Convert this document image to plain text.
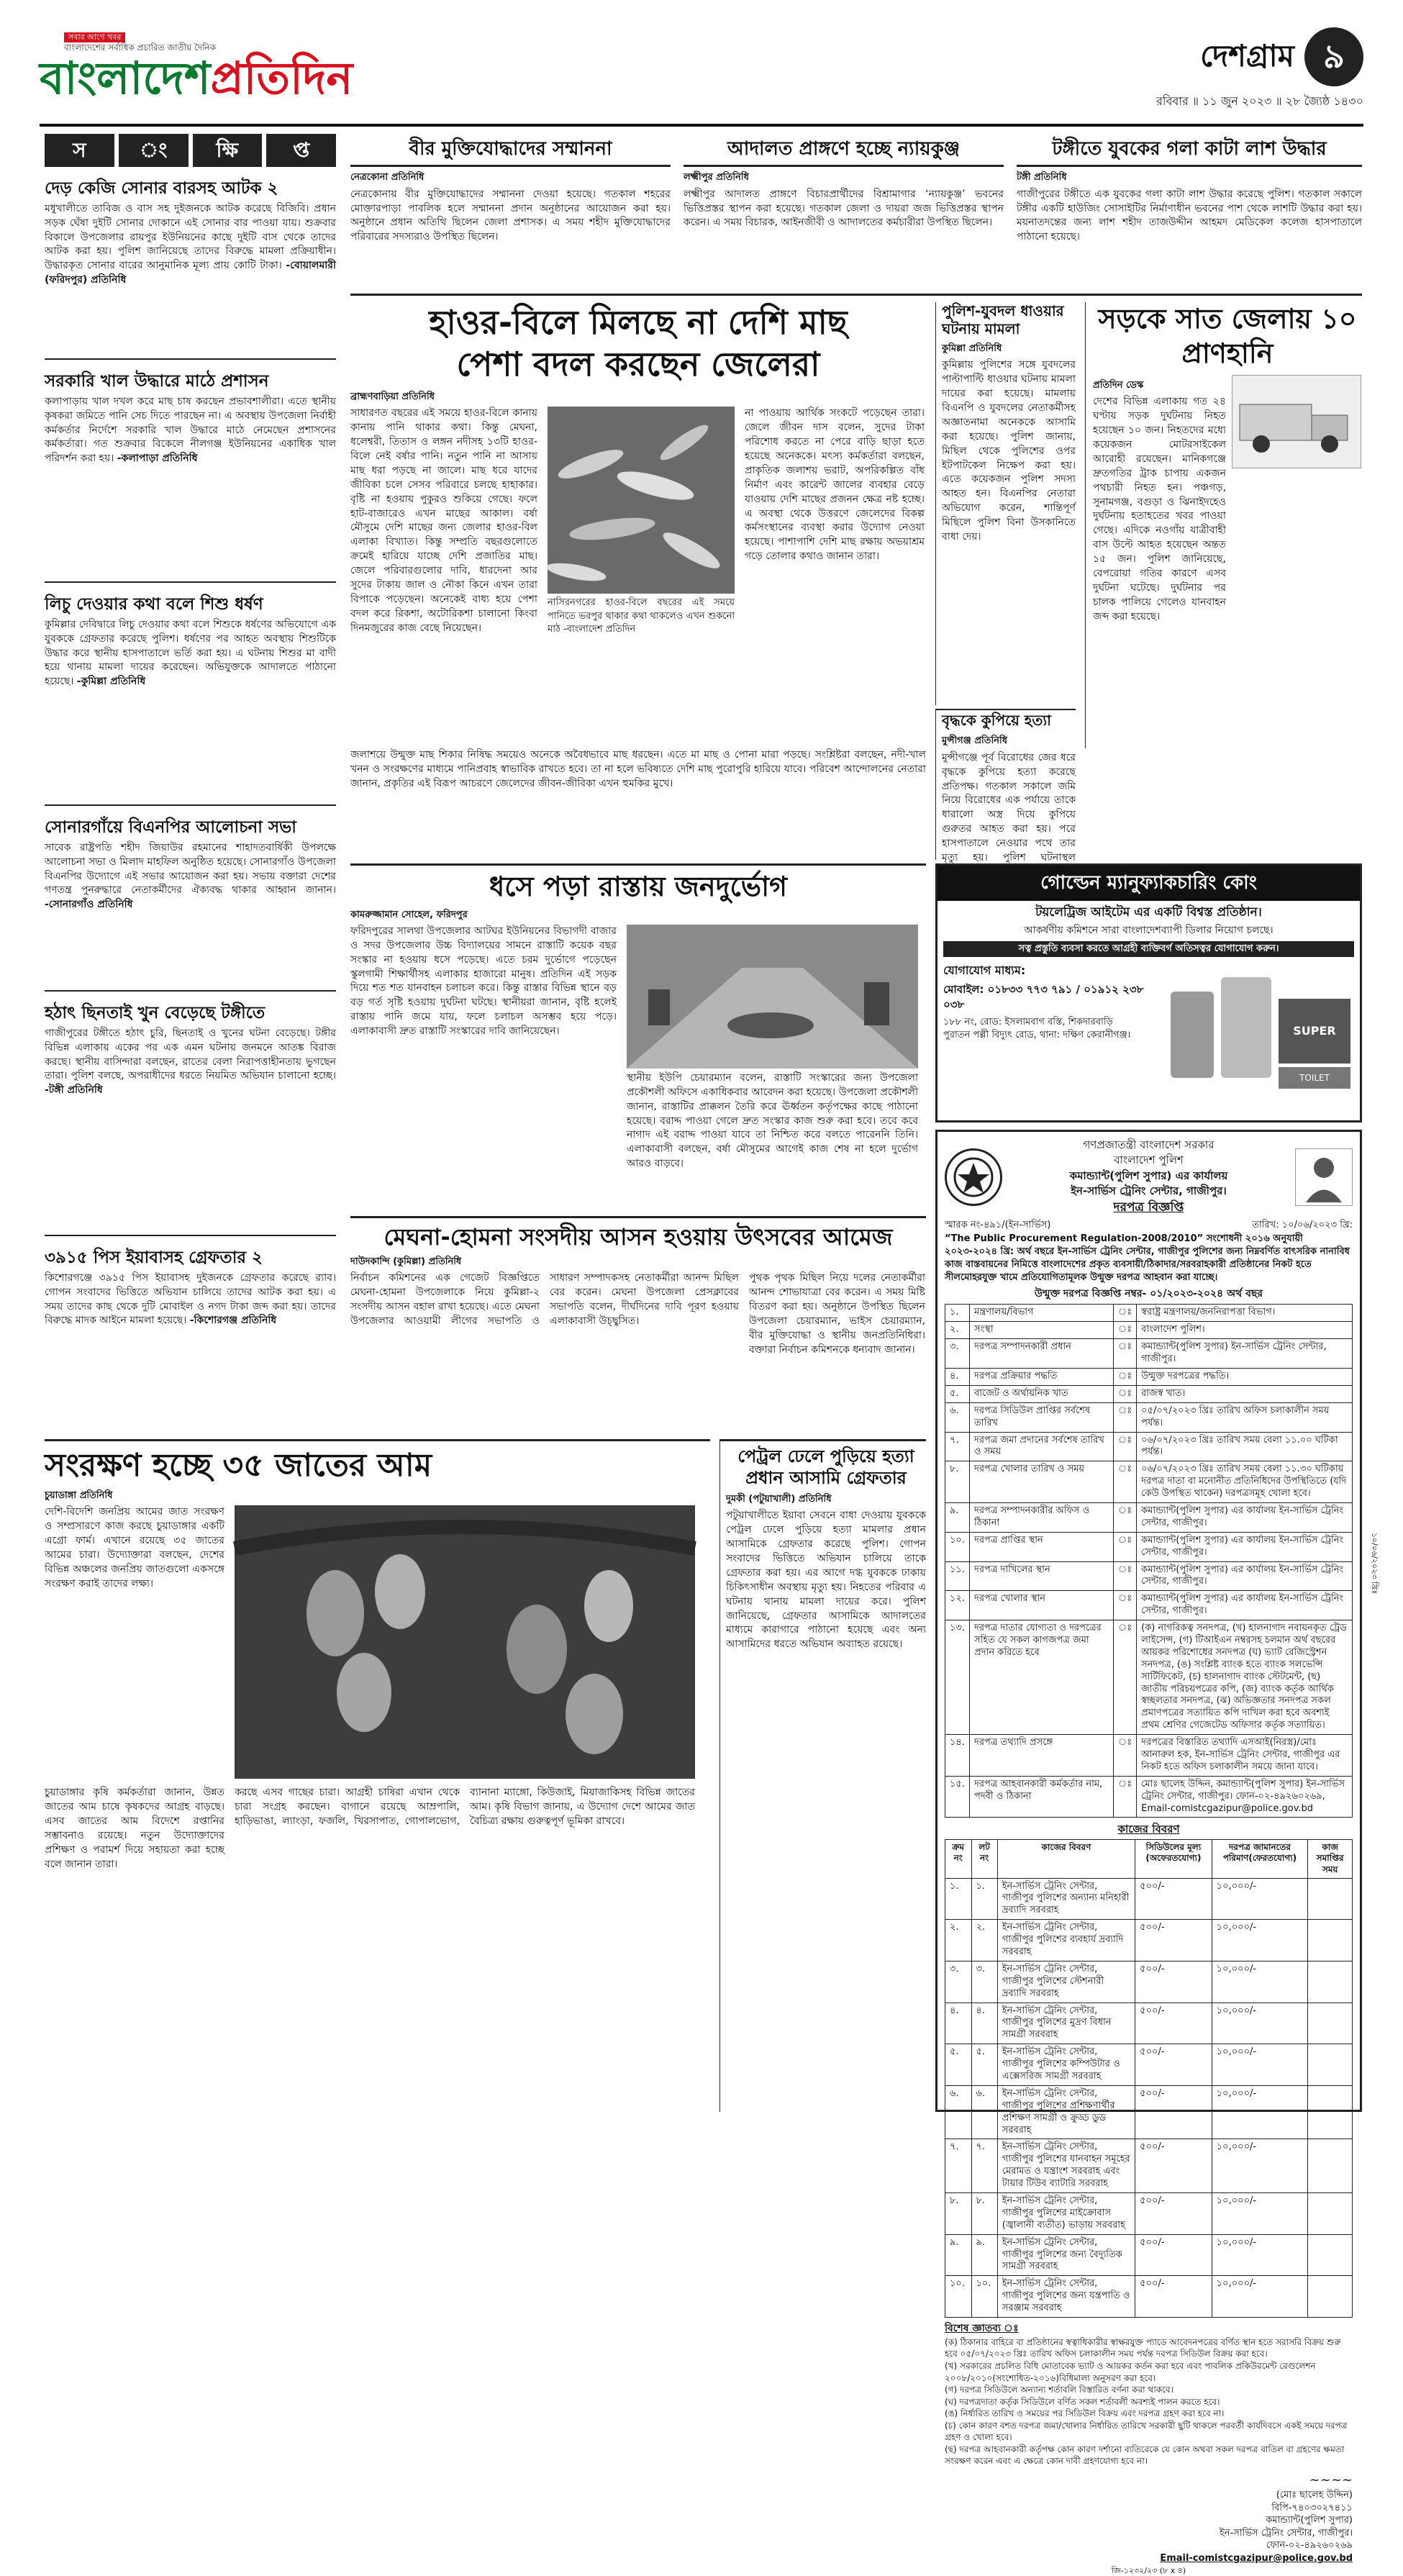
সবার আগে খবর
বাংলাদেশের সর্বাধিক প্রচারিত জাতীয় দৈনিক
বাংলাদেশপ্রতিদিন	দেশগ্রাম ৯
রবিবার ॥ ১১ জুন ২০২৩ ॥ ২৮ জ্যৈষ্ঠ ১৪৩০
স	ং	ক্ষি	প্ত
দেড় কেজি সোনার বারসহ আটক ২

মধুখালীতে তাবিজ ও বাস সহ দুইজনকে আটক করেছে বিজিবি। প্রধান সড়ক ঘেঁষা দুইটি সোনার দোকানে এই সোনার বার পাওয়া যায়। শুক্রবার বিকালে উপজেলার রায়পুর ইউনিয়নের কাছে দুইটি বাস থেকে তাদের আটক করা হয়। পুলিশ জানিয়েছে তাদের বিরুদ্ধে মামলা প্রক্রিয়াধীন। উদ্ধারকৃত সোনার বারের আনুমানিক মূল্য প্রায় কোটি টাকা। -বোয়ালমারী (ফরিদপুর) প্রতিনিধি

সরকারি খাল উদ্ধারে মাঠে প্রশাসন

কলাপাড়ায় খাল দখল করে মাছ চাষ করছেন প্রভাবশালীরা। এতে স্থানীয় কৃষকরা জমিতে পানি সেচ দিতে পারছেন না। এ অবস্থায় উপজেলা নির্বাহী কর্মকর্তার নির্দেশে সরকারি খাল উদ্ধারে মাঠে নেমেছেন প্রশাসনের কর্মকর্তারা। গত শুক্রবার বিকেলে নীলগঞ্জ ইউনিয়নের একাধিক খাল পরিদর্শন করা হয়। -কলাপাড়া প্রতিনিধি

লিচু দেওয়ার কথা বলে শিশু ধর্ষণ

কুমিল্লার দেবিদ্বারে লিচু দেওয়ার কথা বলে শিশুকে ধর্ষণের অভিযোগে এক যুবককে গ্রেফতার করেছে পুলিশ। ধর্ষণের পর আহত অবস্থায় শিশুটিকে উদ্ধার করে স্থানীয় হাসপাতালে ভর্তি করা হয়। এ ঘটনায় শিশুর মা বাদী হয়ে থানায় মামলা দায়ের করেছেন। অভিযুক্তকে আদালতে পাঠানো হয়েছে। -কুমিল্লা প্রতিনিধি

সোনারগাঁয়ে বিএনপির আলোচনা সভা

সাবেক রাষ্ট্রপতি শহীদ জিয়াউর রহমানের শাহাদতবার্ষিকী উপলক্ষে আলোচনা সভা ও মিলাদ মাহফিল অনুষ্ঠিত হয়েছে। সোনারগাঁও উপজেলা বিএনপির উদ্যোগে এই সভার আয়োজন করা হয়। সভায় বক্তারা দেশের গণতন্ত্র পুনরুদ্ধারে নেতাকর্মীদের ঐক্যবদ্ধ থাকার আহ্বান জানান। -সোনারগাঁও প্রতিনিধি

হঠাৎ ছিনতাই খুন বেড়েছে টঙ্গীতে

গাজীপুরের টঙ্গীতে হঠাৎ চুরি, ছিনতাই ও খুনের ঘটনা বেড়েছে। টঙ্গীর বিভিন্ন এলাকায় একের পর এক এমন ঘটনায় জনমনে আতঙ্ক বিরাজ করছে। স্থানীয় বাসিন্দারা বলছেন, রাতের বেলা নিরাপত্তাহীনতায় ভুগছেন তারা। পুলিশ বলছে, অপরাধীদের ধরতে নিয়মিত অভিযান চালানো হচ্ছে। -টঙ্গী প্রতিনিধি

৩৯১৫ পিস ইয়াবাসহ গ্রেফতার ২

কিশোরগঞ্জে ৩৯১৫ পিস ইয়াবাসহ দুইজনকে গ্রেফতার করেছে র‌্যাব। গোপন সংবাদের ভিত্তিতে অভিযান চালিয়ে তাদের আটক করা হয়। এ সময় তাদের কাছ থেকে দুটি মোবাইল ও নগদ টাকা জব্দ করা হয়। তাদের বিরুদ্ধে মাদক আইনে মামলা হয়েছে। -কিশোরগঞ্জ প্রতিনিধি

বীর মুক্তিযোদ্ধাদের সম্মাননা
নেত্রকোনা প্রতিনিধি
নেত্রকোনায় বীর মুক্তিযোদ্ধাদের সম্মাননা দেওয়া হয়েছে। গতকাল শহরের মোক্তারপাড়া পাবলিক হলে সম্মাননা প্রদান অনুষ্ঠানের আয়োজন করা হয়। অনুষ্ঠানে প্রধান অতিথি ছিলেন জেলা প্রশাসক। এ সময় শহীদ মুক্তিযোদ্ধাদের পরিবারের সদস্যরাও উপস্থিত ছিলেন।
আদালত প্রাঙ্গণে হচ্ছে ন্যায়কুঞ্জ
লক্ষ্মীপুর প্রতিনিধি
লক্ষ্মীপুর আদালত প্রাঙ্গণে বিচারপ্রার্থীদের বিশ্রামাগার ‘ন্যায়কুঞ্জ’ ভবনের ভিত্তিপ্রস্তর স্থাপন করা হয়েছে। গতকাল জেলা ও দায়রা জজ ভিত্তিপ্রস্তর স্থাপন করেন। এ সময় বিচারক, আইনজীবী ও আদালতের কর্মচারীরা উপস্থিত ছিলেন।
টঙ্গীতে যুবকের গলা কাটা লাশ উদ্ধার
টঙ্গী প্রতিনিধি
গাজীপুরের টঙ্গীতে এক যুবকের গলা কাটা লাশ উদ্ধার করেছে পুলিশ। গতকাল সকালে টঙ্গীর একটি হাউজিং সোসাইটির নির্মাণাধীন ভবনের পাশ থেকে লাশটি উদ্ধার করা হয়। ময়নাতদন্তের জন্য লাশ শহীদ তাজউদ্দীন আহমদ মেডিকেল কলেজ হাসপাতালে পাঠানো হয়েছে।
হাওর-বিলে মিলছে না দেশি মাছ
পেশা বদল করছেন জেলেরা
ব্রাহ্মণবাড়িয়া প্রতিনিধি
সাধারণত বছরের এই সময়ে হাওর-বিলে কানায় কানায় পানি থাকার কথা। কিন্তু মেঘনা, ধলেশ্বরী, তিতাস ও লঙ্গন নদীসহ ১৩টি হাওর-বিলে নেই বর্ষার পানি। নতুন পানি না আসায় মাছ ধরা পড়ছে না জালে। মাছ ধরে যাদের জীবিকা চলে সেসব পরিবারে চলছে হাহাকার। বৃষ্টি না হওয়ায় পুকুরও শুকিয়ে গেছে। ফলে হাট-বাজারেও এখন মাছের আকাল। বর্ষা মৌসুমে দেশি মাছের জন্য জেলার হাওর-বিল এলাকা বিখ্যাত। কিন্তু সম্প্রতি বছরগুলোতে ক্রমেই হারিয়ে যাচ্ছে দেশি প্রজাতির মাছ। জেলে পরিবারগুলোর দাবি, ধারদেনা আর সুদের টাকায় জাল ও নৌকা কিনে এখন তারা বিপাকে পড়েছেন। অনেকেই বাধ্য হয়ে পেশা বদল করে রিকশা, অটোরিকশা চালানো কিংবা দিনমজুরের কাজ বেছে নিয়েছেন।
নাসিরনগরের হাওর-বিলে বছরের এই সময়ে পানিতে ভরপুর থাকার কথা থাকলেও এখন শুকনো মাঠ -বাংলাদেশ প্রতিদিন
না পাওয়ায় আর্থিক সংকটে পড়েছেন তারা। জেলে জীবন দাস বলেন, সুদের টাকা পরিশোধ করতে না পেরে বাড়ি ছাড়া হতে হয়েছে অনেককে। মৎস্য কর্মকর্তারা বলছেন, প্রাকৃতিক জলাশয় ভরাট, অপরিকল্পিত বাঁধ নির্মাণ এবং কারেন্ট জালের ব্যবহার বেড়ে যাওয়ায় দেশি মাছের প্রজনন ক্ষেত্র নষ্ট হচ্ছে। এ অবস্থা থেকে উত্তরণে জেলেদের বিকল্প কর্মসংস্থানের ব্যবস্থা করার উদ্যোগ নেওয়া হয়েছে। পাশাপাশি দেশি মাছ রক্ষায় অভয়াশ্রম গড়ে তোলার কথাও জানান তারা।
জলাশয়ে উন্মুক্ত মাছ শিকার নিষিদ্ধ সময়েও অনেকে অবৈধভাবে মাছ ধরছেন। এতে মা মাছ ও পোনা মারা পড়ছে। সংশ্লিষ্টরা বলছেন, নদী-খাল খনন ও সংরক্ষণের মাধ্যমে পানিপ্রবাহ স্বাভাবিক রাখতে হবে। তা না হলে ভবিষ্যতে দেশি মাছ পুরোপুরি হারিয়ে যাবে। পরিবেশ আন্দোলনের নেতারা জানান, প্রকৃতির এই বিরূপ আচরণে জেলেদের জীবন-জীবিকা এখন হুমকির মুখে।
পুলিশ-যুবদল ধাওয়ার ঘটনায় মামলা
কুমিল্লা প্রতিনিধি
কুমিল্লায় পুলিশের সঙ্গে যুবদলের পাল্টাপাল্টি ধাওয়ার ঘটনায় মামলা দায়ের করা হয়েছে। মামলায় বিএনপি ও যুবদলের নেতাকর্মীসহ অজ্ঞাতনামা অনেককে আসামি করা হয়েছে। পুলিশ জানায়, মিছিল থেকে পুলিশের ওপর ইটপাটকেল নিক্ষেপ করা হয়। এতে কয়েকজন পুলিশ সদস্য আহত হন। বিএনপির নেতারা অভিযোগ করেন, শান্তিপূর্ণ মিছিলে পুলিশ বিনা উসকানিতে বাধা দেয়।
বৃদ্ধকে কুপিয়ে হত্যা
মুন্সীগঞ্জ প্রতিনিধি
মুন্সীগঞ্জে পূর্ব বিরোধের জের ধরে বৃদ্ধকে কুপিয়ে হত্যা করেছে প্রতিপক্ষ। গতকাল সকালে জমি নিয়ে বিরোধের এক পর্যায়ে তাকে ধারালো অস্ত্র দিয়ে কুপিয়ে গুরুতর আহত করা হয়। পরে হাসপাতালে নেওয়ার পথে তার মৃত্যু হয়। পুলিশ ঘটনাস্থল
সড়কে সাত জেলায় ১০ প্রাণহানি
প্রতিদিন ডেস্ক
দেশের বিভিন্ন এলাকায় গত ২৪ ঘণ্টায় সড়ক দুর্ঘটনায় নিহত হয়েছেন ১০ জন। নিহতদের মধ্যে কয়েকজন মোটরসাইকেল আরোহী রয়েছেন। মানিকগঞ্জে দ্রুতগতির ট্রাক চাপায় একজন পথচারী নিহত হন। পঞ্চগড়, সুনামগঞ্জ, বগুড়া ও ঝিনাইদহেও দুর্ঘটনায় হতাহতের খবর পাওয়া গেছে। এদিকে নওগাঁয় যাত্রীবাহী বাস উল্টে আহত হয়েছেন অন্তত ১৫ জন। পুলিশ জানিয়েছে, বেপরোয়া গতির কারণে এসব দুর্ঘটনা ঘটেছে। দুর্ঘটনার পর চালক পালিয়ে গেলেও যানবাহন জব্দ করা হয়েছে।
গোল্ডেন ম্যানুফ্যাকচারিং কোং
টয়লেট্রিজ আইটেম এর একটি বিশ্বস্ত প্রতিষ্ঠান।
আকর্ষণীয় কমিশনে সারা বাংলাদেশব্যাপী ডিলার নিয়োগ চলছে।
সত্ব প্রস্তুতি ব্যবসা করতে আগ্রহী ব্যক্তিবর্গ অতিসত্বর যোগাযোগ করুন।
যোগাযোগ মাধ্যম:
মোবাইল: ০১৮৩৩ ৭৭৩ ৭৯১ / ০১৯১২ ২৩৮ ০৩৮
১৮৮ নং, রোড: ইসলামবাগ বস্তি, শিকদারবাড়ি
পুরাতন পল্লী বিদ্যুৎ রোড, থানা: দক্ষিণ কেরানীগঞ্জ।	SUPER
TOILET
ধসে পড়া রাস্তায় জনদুর্ভোগ
কামরুজ্জামান সোহেল, ফরিদপুর
ফরিদপুরের সালথা উপজেলার আটঘর ইউনিয়নের বিভাগদী বাজার ও সদর উপজেলার উচ্চ বিদ্যালয়ের সামনে রাস্তাটি কয়েক বছর সংস্কার না হওয়ায় ধসে পড়েছে। এতে চরম দুর্ভোগে পড়েছেন স্কুলগামী শিক্ষার্থীসহ এলাকার হাজারো মানুষ। প্রতিদিন এই সড়ক দিয়ে শত শত যানবাহন চলাচল করে। কিন্তু রাস্তার বিভিন্ন স্থানে বড় বড় গর্ত সৃষ্টি হওয়ায় দুর্ঘটনা ঘটছে। স্থানীয়রা জানান, বৃষ্টি হলেই রাস্তায় পানি জমে যায়, ফলে চলাচল অসম্ভব হয়ে পড়ে। এলাকাবাসী দ্রুত রাস্তাটি সংস্কারের দাবি জানিয়েছেন।
স্থানীয় ইউপি চেয়ারম্যান বলেন, রাস্তাটি সংস্কারের জন্য উপজেলা প্রকৌশলী অফিসে একাধিকবার আবেদন করা হয়েছে। উপজেলা প্রকৌশলী জানান, রাস্তাটির প্রাক্কলন তৈরি করে ঊর্ধ্বতন কর্তৃপক্ষের কাছে পাঠানো হয়েছে। বরাদ্দ পাওয়া গেলে দ্রুত সংস্কার কাজ শুরু করা হবে। তবে কবে নাগাদ এই বরাদ্দ পাওয়া যাবে তা নিশ্চিত করে বলতে পারেননি তিনি। এলাকাবাসী বলছেন, বর্ষা মৌসুমের আগেই কাজ শেষ না হলে দুর্ভোগ আরও বাড়বে।
মেঘনা-হোমনা সংসদীয় আসন হওয়ায় উৎসবের আমেজ
দাউদকান্দি (কুমিল্লা) প্রতিনিধি
নির্বাচন কমিশনের এক গেজেট বিজ্ঞপ্তিতে মেঘনা-হোমনা উপজেলাকে নিয়ে কুমিল্লা-২ সংসদীয় আসন বহাল রাখা হয়েছে। এতে মেঘনা উপজেলার আওয়ামী লীগের সভাপতি ও সাধারণ সম্পাদকসহ নেতাকর্মীরা আনন্দ মিছিল বের করেন। মেঘনা উপজেলা প্রেসক্লাবের সভাপতি বলেন, দীর্ঘদিনের দাবি পূরণ হওয়ায় এলাকাবাসী উচ্ছ্বসিত।
পুথক পৃথক মিছিল নিয়ে দলের নেতাকর্মীরা আনন্দ শোভাযাত্রা বের করেন। এ সময় মিষ্টি বিতরণ করা হয়। অনুষ্ঠানে উপস্থিত ছিলেন উপজেলা চেয়ারম্যান, ভাইস চেয়ারম্যান, বীর মুক্তিযোদ্ধা ও স্থানীয় জনপ্রতিনিধিরা। বক্তারা নির্বাচন কমিশনকে ধন্যবাদ জানান।
সংরক্ষণ হচ্ছে ৩৫ জাতের আম
চুয়াডাঙ্গা প্রতিনিধি
দেশি-বিদেশি জনপ্রিয় আমের জাত সংরক্ষণ ও সম্প্রসারণে কাজ করছে চুয়াডাঙ্গার একটি এগ্রো ফার্ম। এখানে রয়েছে ৩৫ জাতের আমের চারা। উদ্যোক্তারা বলছেন, দেশের বিভিন্ন অঞ্চলের জনপ্রিয় জাতগুলো একসঙ্গে সংরক্ষণ করাই তাদের লক্ষ্য।
চুয়াডাঙ্গার কৃষি কর্মকর্তারা জানান, উন্নত জাতের আম চাষে কৃষকদের আগ্রহ বাড়ছে। এসব জাতের আম বিদেশে রপ্তানির সম্ভাবনাও রয়েছে। নতুন উদ্যোক্তাদের প্রশিক্ষণ ও পরামর্শ দিয়ে সহায়তা করা হচ্ছে বলে জানান তারা।
করছে এসব গাছের চারা। আগ্রহী চাষিরা এখান থেকে চারা সংগ্রহ করছেন। বাগানে রয়েছে আম্রপালি, হাড়িভাঙা, ল্যাংড়া, ফজলি, খিরসাপাত, গোপালভোগ, ব্যানানা ম্যাঙ্গো, কিউজাই, মিয়াজাকিসহ বিভিন্ন জাতের আম। কৃষি বিভাগ জানায়, এ উদ্যোগ দেশে আমের জাত বৈচিত্র্য রক্ষায় গুরুত্বপূর্ণ ভূমিকা রাখবে।
পেট্রল ঢেলে পুড়িয়ে হত্যা প্রধান আসামি গ্রেফতার
দুমকী (পটুয়াখালী) প্রতিনিধি
পটুয়াখালীতে ইয়াবা সেবনে বাধা দেওয়ায় যুবককে পেট্রল ঢেলে পুড়িয়ে হত্যা মামলার প্রধান আসামিকে গ্রেফতার করেছে পুলিশ। গোপন সংবাদের ভিত্তিতে অভিযান চালিয়ে তাকে গ্রেফতার করা হয়। এর আগে দগ্ধ যুবককে ঢাকায় চিকিৎসাধীন অবস্থায় মৃত্যু হয়। নিহতের পরিবার এ ঘটনায় থানায় মামলা দায়ের করে। পুলিশ জানিয়েছে, গ্রেফতার আসামিকে আদালতের মাধ্যমে কারাগারে পাঠানো হয়েছে এবং অন্য আসামিদের ধরতে অভিযান অব্যাহত রয়েছে।
গণপ্রজাতন্ত্রী বাংলাদেশ সরকার
বাংলাদেশ পুলিশ
কমান্ড্যান্ট(পুলিশ সুপার) এর কার্যালয়
ইন-সার্ভিস ট্রেনিং সেন্টার, গাজীপুর।
দরপত্র বিজ্ঞপ্তি
স্মারক নং-৪৯১/(ইন-সার্ভিস)	তারিখ: ১০/০৬/২০২৩ খ্রি:

“The Public Procurement Regulation-2008/2010” সংশোধনী ২০১৬ অনুযায়ী ২০২৩-২০২৪ খ্রি: অর্থ বছরে ইন-সার্ভিস ট্রেনিং সেন্টার, গাজীপুর পুলিশের জন্য নিম্নবর্ণিত বাৎসরিক নানাবিধ কাজ বাস্তবায়নের নিমিত্তে বাংলাদেশের প্রকৃত ব্যবসায়ী/ঠিকাদার/সরবরাহকারী প্রতিষ্ঠানের নিকট হতে সীলমোহরযুক্ত খামে প্রতিযোগিতামূলক উন্মুক্ত দরপত্র আহবান করা যাচ্ছে।

উন্মুক্ত দরপত্র বিজ্ঞপ্তি নম্বর- ০১/২০২৩-২০২৪ অর্থ বছর
১.	মন্ত্রণালয়/বিভাগ	ঃ	স্বরাষ্ট্র মন্ত্রণালয়/জননিরাপত্তা বিভাগ।
২.	সংস্থা	ঃ	বাংলাদেশ পুলিশ।
৩.	দরপত্র সম্পাদনকারী প্রধান	ঃ	কমান্ড্যান্ট(পুলিশ সুপার) ইন-সার্ভিস ট্রেনিং সেন্টার, গাজীপুর।
৪.	দরপত্র প্রক্রিয়ার পদ্ধতি	ঃ	উন্মুক্ত দরপত্রের পদ্ধতি।
৫.	বাজেট ও অর্থায়নিক খাত	ঃ	রাজস্ব খাত।
৬.	দরপত্র সিডিউল প্রাপ্তির সর্বশেষ তারিখ	ঃ	০৫/০৭/২০২৩ খ্রিঃ তারিখ অফিস চলাকালীন সময় পর্যন্ত।
৭.	দরপত্র জমা প্রদানের সর্বশেষ তারিখ ও সময়	ঃ	০৬/০৭/২০২৩ খ্রিঃ তারিখ সময় বেলা ১১.০০ ঘটিকা পর্যন্ত।
৮.	দরপত্র খোলার তারিখ ও সময়	ঃ	০৬/০৭/২০২৩ খ্রিঃ তারিখ সময় বেলা ১১.৩০ ঘটিকায় দরপত্র দাতা বা মনোনীত প্রতিনিধিদের উপস্থিতিতে (যদি কেউ উপস্থিত থাকেন) দরপত্রসমূহ খোলা হবে।
৯.	দরপত্র সম্পাদনকারীর অফিস ও ঠিকানা	ঃ	কমান্ড্যান্ট(পুলিশ সুপার) এর কার্যালয় ইন-সার্ভিস ট্রেনিং সেন্টার, গাজীপুর।
১০.	দরপত্র প্রাপ্তির স্থান	ঃ	কমান্ড্যান্ট(পুলিশ সুপার) এর কার্যালয় ইন-সার্ভিস ট্রেনিং সেন্টার, গাজীপুর।
১১.	দরপত্র দাখিলের স্থান	ঃ	কমান্ড্যান্ট(পুলিশ সুপার) এর কার্যালয় ইন-সার্ভিস ট্রেনিং সেন্টার, গাজীপুর।
১২.	দরপত্র খোলার স্থান	ঃ	কমান্ড্যান্ট(পুলিশ সুপার) এর কার্যালয় ইন-সার্ভিস ট্রেনিং সেন্টার, গাজীপুর।
১৩.	দরপত্র দাতার যোগ্যতা ও দরপত্রের সহিত যে সকল কাগজপত্র জমা প্রদান করিতে হবে	ঃ	(ক) নাগরিকত্ব সনদপত্র, (খ) হালনাগাদ নবায়নকৃত ট্রেড লাইসেন্স, (গ) টিআইএন নম্বরসহ চলমান অর্থ বছরের আয়কর পরিশোধের সনদপত্র (ঘ) ভ্যাট রেজিস্ট্রেশন সনদপত্র, (ঙ) সংশ্লিষ্ট ব্যাংক হতে ব্যাংক সলভেন্সি সার্টিফিকেট, (চ) হালনাগাদ ব্যাংক স্টেটমেন্ট, (ছ) জাতীয় পরিচয়পত্রের কপি, (জ) ব্যাংক কর্তৃক আর্থিক স্বচ্ছলতার সনদপত্র, (ঝ) অভিজ্ঞতার সনদপত্র সকল প্রমাণপত্রের সত্যায়িত কপি দাখিল করা হবে অবশ্যই প্রথম শ্রেণির গেজেটেড অফিসার কর্তৃক সত্যায়িত।
১৪.	দরপত্র তথ্যাদি প্রসঙ্গে	ঃ	দরপত্রের বিস্তারিত তথ্যাদি এসআই(নিরস্ত্র)/মোঃ আনারুল হক, ইন-সার্ভিস ট্রেনিং সেন্টার, গাজীপুর এর নিকট হতে অফিস চলাকালীন সময়ে জানা যাবে।
১৫.	দরপত্র আহবানকারী কর্মকর্তার নাম, পদবী ও ঠিকানা	ঃ	মোঃ ছালেহ উদ্দিন, কমান্ড্যান্ট(পুলিশ সুপার) ইন-সার্ভিস ট্রেনিং সেন্টার, গাজীপুর। ফোন-০২-৪৯২৬০২৬৯, Email-comistcgazipur@police.gov.bd
কাজের বিবরণ
ক্রম নং	লট নং	কাজের বিবরণ	সিডিউলের মূল্য (অফেরতযোগ্য)	দরপত্র জামানতের পরিমাণ(ফেরতযোগ্য)	কাজ সমাপ্তির সময়
১.	১.	ইন-সার্ভিস ট্রেনিং সেন্টার, গাজীপুর পুলিশের অন্যান্য মনিহারী দ্রব্যাদি সরবরাহ	৫০০/-	১০,০০০/-	
২.	২.	ইন-সার্ভিস ট্রেনিং সেন্টার, গাজীপুর পুলিশের ব্যবহার্য দ্রব্যাদি সরবরাহ	৫০০/-	১০,০০০/-	
৩.	৩.	ইন-সার্ভিস ট্রেনিং সেন্টার, গাজীপুর পুলিশের স্টেশনারী দ্রব্যাদি সরবরাহ	৫০০/-	১০,০০০/-	
৪.	৪.	ইন-সার্ভিস ট্রেনিং সেন্টার, গাজীপুর পুলিশের মুদ্রণ বিধান সামগ্রী সরবরাহ	৫০০/-	১০,০০০/-	
৫.	৫.	ইন-সার্ভিস ট্রেনিং সেন্টার, গাজীপুর পুলিশের কম্পিউটার ও এক্সেসরিজ সামগ্রী সরবরাহ	৫০০/-	১০,০০০/-	
৬.	৬.	ইন-সার্ভিস ট্রেনিং সেন্টার, গাজীপুর পুলিশের প্রশিক্ষণার্থীর প্রশিক্ষণ সামগ্রী ও ক্রুড্ড ডুড সরবরাহ	৫০০/-	১০,০০০/-	
৭.	৭.	ইন-সার্ভিস ট্রেনিং সেন্টার, গাজীপুর পুলিশের যানবাহন সমূহের মেরামত ও যন্ত্রাংশ সরবরাহ এবং টায়ার টিউব ব্যাটারি সরবরাহ	৫০০/-	১০,০০০/-	
৮.	৮.	ইন-সার্ভিস ট্রেনিং সেন্টার, গাজীপুর পুলিশের মাইক্রোবাস (জ্বালানী ব্যতীত) ভাড়ায় সরবরাহ	৫০০/-	১০,০০০/-	
৯.	৯.	ইন-সার্ভিস ট্রেনিং সেন্টার, গাজীপুর পুলিশের জন্য বৈদ্যুতিক সামগ্রী সরবরাহ	৫০০/-	১০,০০০/-	
১০.	১০.	ইন-সার্ভিস ট্রেনিং সেন্টার, গাজীপুর পুলিশের জন্য যন্ত্রপাতি ও সরঞ্জাম সরবরাহ	৫০০/-	১০,০০০/-	
বিশেষ জ্ঞাতব্য ঃ

(ক) ঠিকানার বাহিরে বা প্রতিষ্ঠানের স্বত্বাধিকারীর স্বাক্ষরযুক্ত প্যাডে আবেদনপত্রের বর্ণিত স্থান হতে সরাসরি বিক্রয় শুরু হবে ০৫/০৭/২০২৩ খ্রিঃ তারিখ অফিস চলাকালীন সময় পর্যন্ত দরপত্র সিডিউল বিক্রয় করা হবে।

(খ) সরকারের প্রচলিত বিধি মোতাবেক ভ্যাট ও আয়কর কর্তন করা হবে এবং পাবলিক প্রকিউরমেন্ট রেগুলেশন ২০০৮/২০১০(সংশোধিত-২০১৬)বিধিমালা অনুসরণ করা হবে।

(গ) দরপত্র সিডিউলে অন্যান্য শর্তাবলি বিস্তারিত বর্ণনা করা থাকবে।

(ঘ) দরপত্রদাতা কর্তৃক সিডিউলে বর্ণিত সকল শর্তাবলী অবশ্যই পালন করতে হবে।

(ঙ) নির্ধারিত তারিখ ও সময়ের পর সিডিউল বিক্রয় এবং দরপত্র গ্রহণ করা হবে না।

(চ) কোন কারণ বশত দরপত্র জমা/খোলার নির্ধারিত তারিখে সরকারী ছুটি থাকলে পরবর্তী কার্যদিবসে একই সময়ে দরপত্র গ্রহণ ও খোলা হবে।

(ছ) দরপত্র আহবানকারী কর্তৃপক্ষ কোন কারণ দর্শানো ব্যতিরেকে যে কোন অথবা সকল দরপত্র বাতিল বা গ্রহণের ক্ষমতা সংরক্ষণ করেন এবং এ ক্ষেত্রে কোন দাবী গ্রহণযোগ্য হবে না।

~~~~
(মোঃ ছালেহ উদ্দিন)
বিপি-৭৪০৩০২৭৪১১
কমান্ড্যান্ট(পুলিশ সুপার)
ইন-সার্ভিস ট্রেনিং সেন্টার, গাজীপুর।
ফোন-০২-৪৯২৬০২৬৯
Email-comistcgazipur@police.gov.bd
জি-১২৩২/২৩ (৮ x ৪)
১০/০৬/২০২৩ খ্রিঃ
